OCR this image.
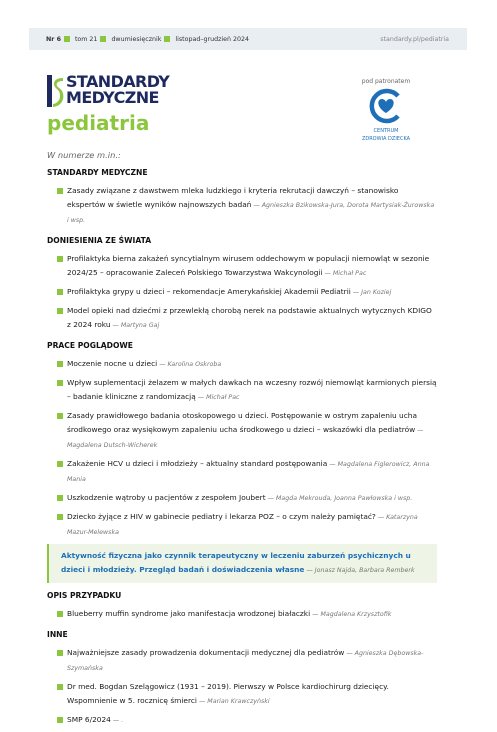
Nr 6 tom 21 dwumiesięcznik listopad–grudzień 2024	standardy.pl/pediatria
STANDARDY
MEDYCZNE
pediatria
pod patronatem
CENTRUM
ZDROWIA DZIECKA
W numerze m.in.:
STANDARDY MEDYCZNE
Zasady związane z dawstwem mleka ludzkiego i kryteria rekrutacji dawczyń – stanowisko ekspertów w świetle wyników najnowszych badań — Agnieszka Bzikowska-Jura, Dorota Martysiak-Żurowska i wsp.
DONIESIENIA ZE ŚWIATA
Profilaktyka bierna zakażeń syncytialnym wirusem oddechowym w populacji niemowląt w sezonie 2024/25 – opracowanie Zaleceń Polskiego Towarzystwa Wakcynologii — Michał Pac
Profilaktyka grypy u dzieci – rekomendacje Amerykańskiej Akademii Pediatrii — Jan Koziej
Model opieki nad dziećmi z przewlekłą chorobą nerek na podstawie aktualnych wytycznych KDIGO z 2024 roku — Martyna Gaj
PRACE POGLĄDOWE
Moczenie nocne u dzieci — Karolina Oskroba
Wpływ suplementacji żelazem w małych dawkach na wczesny rozwój niemowląt karmionych piersią – badanie kliniczne z randomizacją — Michał Pac
Zasady prawidłowego badania otoskopowego u dzieci. Postępowanie w ostrym zapaleniu ucha środkowego oraz wysiękowym zapaleniu ucha środkowego u dzieci – wskazówki dla pediatrów — Magdalena Dutsch-Wicherek
Zakażenie HCV u dzieci i młodzieży – aktualny standard postępowania — Magdalena Figlerowicz, Anna Mania
Uszkodzenie wątroby u pacjentów z zespołem Joubert — Magda Mekrouda, Joanna Pawłowska i wsp.
Dziecko żyjące z HIV w gabinecie pediatry i lekarza POZ – o czym należy pamiętać? — Katarzyna Mazur-Melewska
Aktywność fizyczna jako czynnik terapeutyczny w leczeniu zaburzeń psychicznych u dzieci i młodzieży. Przegląd badań i doświadczenia własne — Jonasz Najda, Barbara Remberk
OPIS PRZYPADKU
Blueberry muffin syndrome jako manifestacja wrodzonej białaczki — Magdalena Krzysztofik
INNE
Najważniejsze zasady prowadzenia dokumentacji medycznej dla pediatrów — Agnieszka Dębowska-Szymańska
Dr med. Bogdan Szelągowicz (1931 – 2019). Pierwszy w Polsce kardiochirurg dziecięcy. Wspomnienie w 5. rocznicę śmierci — Marian Krawczyński
SMP 6/2024 — .
